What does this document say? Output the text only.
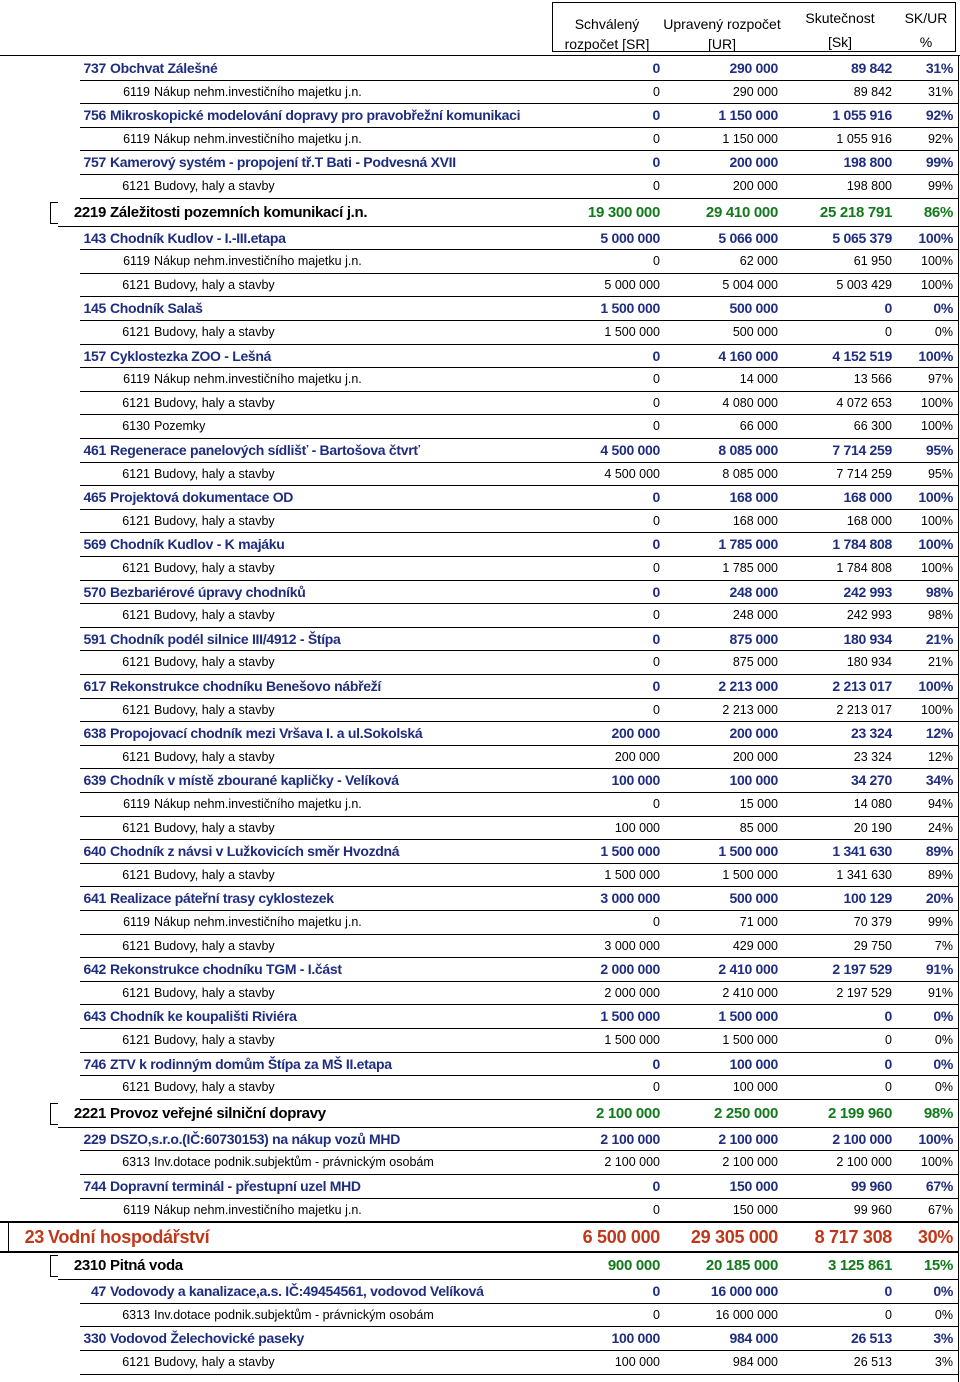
Schválený
rozpočet [SR]
Upravený rozpočet
[UR]
Skutečnost
[Sk]
SK/UR
%
737 Obchvat Zálešné	0	290 000	89 842	31%
6119 Nákup nehm.investičního majetku j.n.	0	290 000	89 842	31%
756 Mikroskopické modelování dopravy pro pravobřežní komunikaci	0	1 150 000	1 055 916	92%
6119 Nákup nehm.investičního majetku j.n.	0	1 150 000	1 055 916	92%
757 Kamerový systém - propojení tř.T Bati - Podvesná XVII	0	200 000	198 800	99%
6121 Budovy, haly a stavby	0	200 000	198 800	99%
2219 Záležitosti pozemních komunikací j.n.	19 300 000	29 410 000	25 218 791	86%
143 Chodník Kudlov - I.-III.etapa	5 000 000	5 066 000	5 065 379	100%
6119 Nákup nehm.investičního majetku j.n.	0	62 000	61 950	100%
6121 Budovy, haly a stavby	5 000 000	5 004 000	5 003 429	100%
145 Chodník Salaš	1 500 000	500 000	0	0%
6121 Budovy, haly a stavby	1 500 000	500 000	0	0%
157 Cyklostezka ZOO - Lešná	0	4 160 000	4 152 519	100%
6119 Nákup nehm.investičního majetku j.n.	0	14 000	13 566	97%
6121 Budovy, haly a stavby	0	4 080 000	4 072 653	100%
6130 Pozemky	0	66 000	66 300	100%
461 Regenerace panelových sídlišť - Bartošova čtvrť	4 500 000	8 085 000	7 714 259	95%
6121 Budovy, haly a stavby	4 500 000	8 085 000	7 714 259	95%
465 Projektová dokumentace OD	0	168 000	168 000	100%
6121 Budovy, haly a stavby	0	168 000	168 000	100%
569 Chodník Kudlov - K majáku	0	1 785 000	1 784 808	100%
6121 Budovy, haly a stavby	0	1 785 000	1 784 808	100%
570 Bezbariérové úpravy chodníků	0	248 000	242 993	98%
6121 Budovy, haly a stavby	0	248 000	242 993	98%
591 Chodník podél silnice III/4912 - Štípa	0	875 000	180 934	21%
6121 Budovy, haly a stavby	0	875 000	180 934	21%
617 Rekonstrukce chodníku Benešovo nábřeží	0	2 213 000	2 213 017	100%
6121 Budovy, haly a stavby	0	2 213 000	2 213 017	100%
638 Propojovací chodník mezi Vršava I. a ul.Sokolská	200 000	200 000	23 324	12%
6121 Budovy, haly a stavby	200 000	200 000	23 324	12%
639 Chodník v místě zbourané kapličky - Velíková	100 000	100 000	34 270	34%
6119 Nákup nehm.investičního majetku j.n.	0	15 000	14 080	94%
6121 Budovy, haly a stavby	100 000	85 000	20 190	24%
640 Chodník z návsi v Lužkovicích směr Hvozdná	1 500 000	1 500 000	1 341 630	89%
6121 Budovy, haly a stavby	1 500 000	1 500 000	1 341 630	89%
641 Realizace páteřní trasy cyklostezek	3 000 000	500 000	100 129	20%
6119 Nákup nehm.investičního majetku j.n.	0	71 000	70 379	99%
6121 Budovy, haly a stavby	3 000 000	429 000	29 750	7%
642 Rekonstrukce chodníku TGM - I.část	2 000 000	2 410 000	2 197 529	91%
6121 Budovy, haly a stavby	2 000 000	2 410 000	2 197 529	91%
643 Chodník ke koupališti Riviéra	1 500 000	1 500 000	0	0%
6121 Budovy, haly a stavby	1 500 000	1 500 000	0	0%
746 ZTV k rodinným domům Štípa za MŠ II.etapa	0	100 000	0	0%
6121 Budovy, haly a stavby	0	100 000	0	0%
2221 Provoz veřejné silniční dopravy	2 100 000	2 250 000	2 199 960	98%
229 DSZO,s.r.o.(IČ:60730153) na nákup vozů MHD	2 100 000	2 100 000	2 100 000	100%
6313 Inv.dotace podnik.subjektům - právnickým osobám	2 100 000	2 100 000	2 100 000	100%
744 Dopravní terminál - přestupní uzel MHD	0	150 000	99 960	67%
6119 Nákup nehm.investičního majetku j.n.	0	150 000	99 960	67%
23 Vodní hospodářství	6 500 000	29 305 000	8 717 308	30%
2310 Pitná voda	900 000	20 185 000	3 125 861	15%
47 Vodovody a kanalizace,a.s. IČ:49454561, vodovod Velíková	0	16 000 000	0	0%
6313 Inv.dotace podnik.subjektům - právnickým osobám	0	16 000 000	0	0%
330 Vodovod Želechovické paseky	100 000	984 000	26 513	3%
6121 Budovy, haly a stavby	100 000	984 000	26 513	3%
